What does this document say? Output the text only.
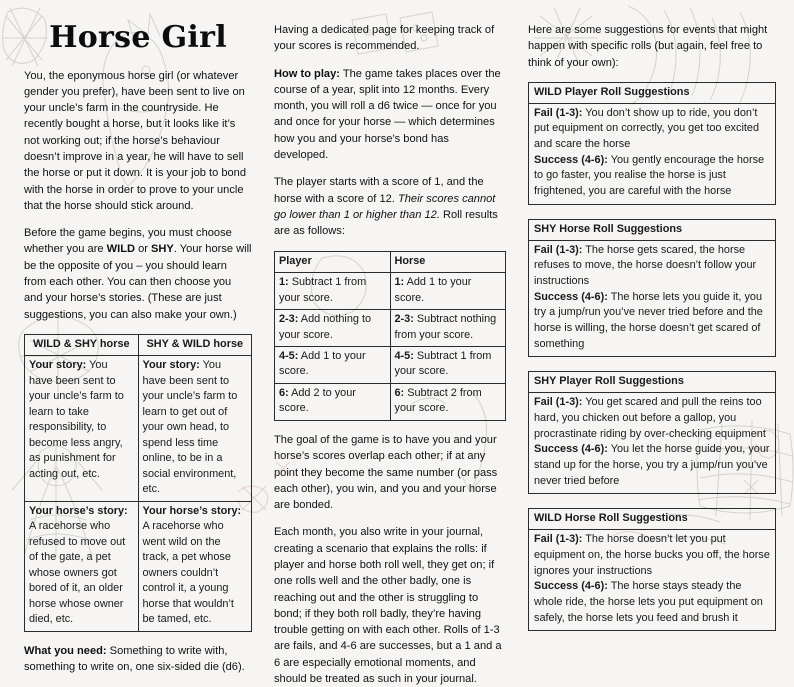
Horse Girl

You, the eponymous horse girl (or whatever gender you prefer), have been sent to live on your uncle’s farm in the countryside. He recently bought a horse, but it looks like it’s not working out; if the horse’s behaviour doesn’t improve in a year, he will have to sell the horse or put it down. It is your job to bond with the horse in order to prove to your uncle that the horse should stick around.

Before the game begins, you must choose whether you are WILD or SHY. Your horse will be the opposite of you – you should learn from each other. You can then choose you and your horse’s stories. (These are just suggestions, you can also make your own.)

WILD & SHY horse	SHY & WILD horse
Your story: You have been sent to your uncle’s farm to learn to take responsibility, to become less angry, as punishment for acting out, etc.	Your story: You have been sent to your uncle’s farm to learn to get out of your own head, to spend less time online, to be in a social environment, etc.
Your horse’s story: A racehorse who refused to move out of the gate, a pet whose owners got bored of it, an older horse whose owner died, etc.	Your horse’s story: A racehorse who went wild on the track, a pet whose owners couldn’t control it, a young horse that wouldn’t be tamed, etc.

What you need: Something to write with, something to write on, one six-sided die (d6).

Having a dedicated page for keeping track of your scores is recommended.

How to play: The game takes places over the course of a year, split into 12 months. Every month, you will roll a d6 twice — once for you and once for your horse — which determines how you and your horse’s bond has developed.

The player starts with a score of 1, and the horse with a score of 12. Their scores cannot go lower than 1 or higher than 12. Roll results are as follows:

Player	Horse
1: Subtract 1 from your score.	1: Add 1 to your score.
2-3: Add nothing to your score.	2-3: Subtract nothing from your score.
4-5: Add 1 to your score.	4-5: Subtract 1 from your score.
6: Add 2 to your score.	6: Subtract 2 from your score.

The goal of the game is to have you and your horse’s scores overlap each other; if at any point they become the same number (or pass each other), you win, and you and your horse are bonded.

Each month, you also write in your journal, creating a scenario that explains the rolls: if player and horse both roll well, they get on; if one rolls well and the other badly, one is reaching out and the other is struggling to bond; if they both roll badly, they’re having trouble getting on with each other. Rolls of 1-3 are fails, and 4-6 are successes, but a 1 and a 6 are especially emotional moments, and should be treated as such in your journal.

Here are some suggestions for events that might happen with specific rolls (but again, feel free to think of your own):

WILD Player Roll Suggestions
Fail (1-3): You don’t show up to ride, you don’t put equipment on correctly, you get too excited and scare the horse
Success (4-6): You gently encourage the horse to go faster, you realise the horse is just frightened, you are careful with the horse
SHY Horse Roll Suggestions
Fail (1-3): The horse gets scared, the horse refuses to move, the horse doesn’t follow your instructions
Success (4-6): The horse lets you guide it, you try a jump/run you’ve never tried before and the horse is willing, the horse doesn’t get scared of something
SHY Player Roll Suggestions
Fail (1-3): You get scared and pull the reins too hard, you chicken out before a gallop, you procrastinate riding by over-checking equipment
Success (4-6): You let the horse guide you, your stand up for the horse, you try a jump/run you’ve never tried before
WILD Horse Roll Suggestions
Fail (1-3): The horse doesn’t let you put equipment on, the horse bucks you off, the horse ignores your instructions
Success (4-6): The horse stays steady the whole ride, the horse lets you put equipment on safely, the horse lets you feed and brush it
